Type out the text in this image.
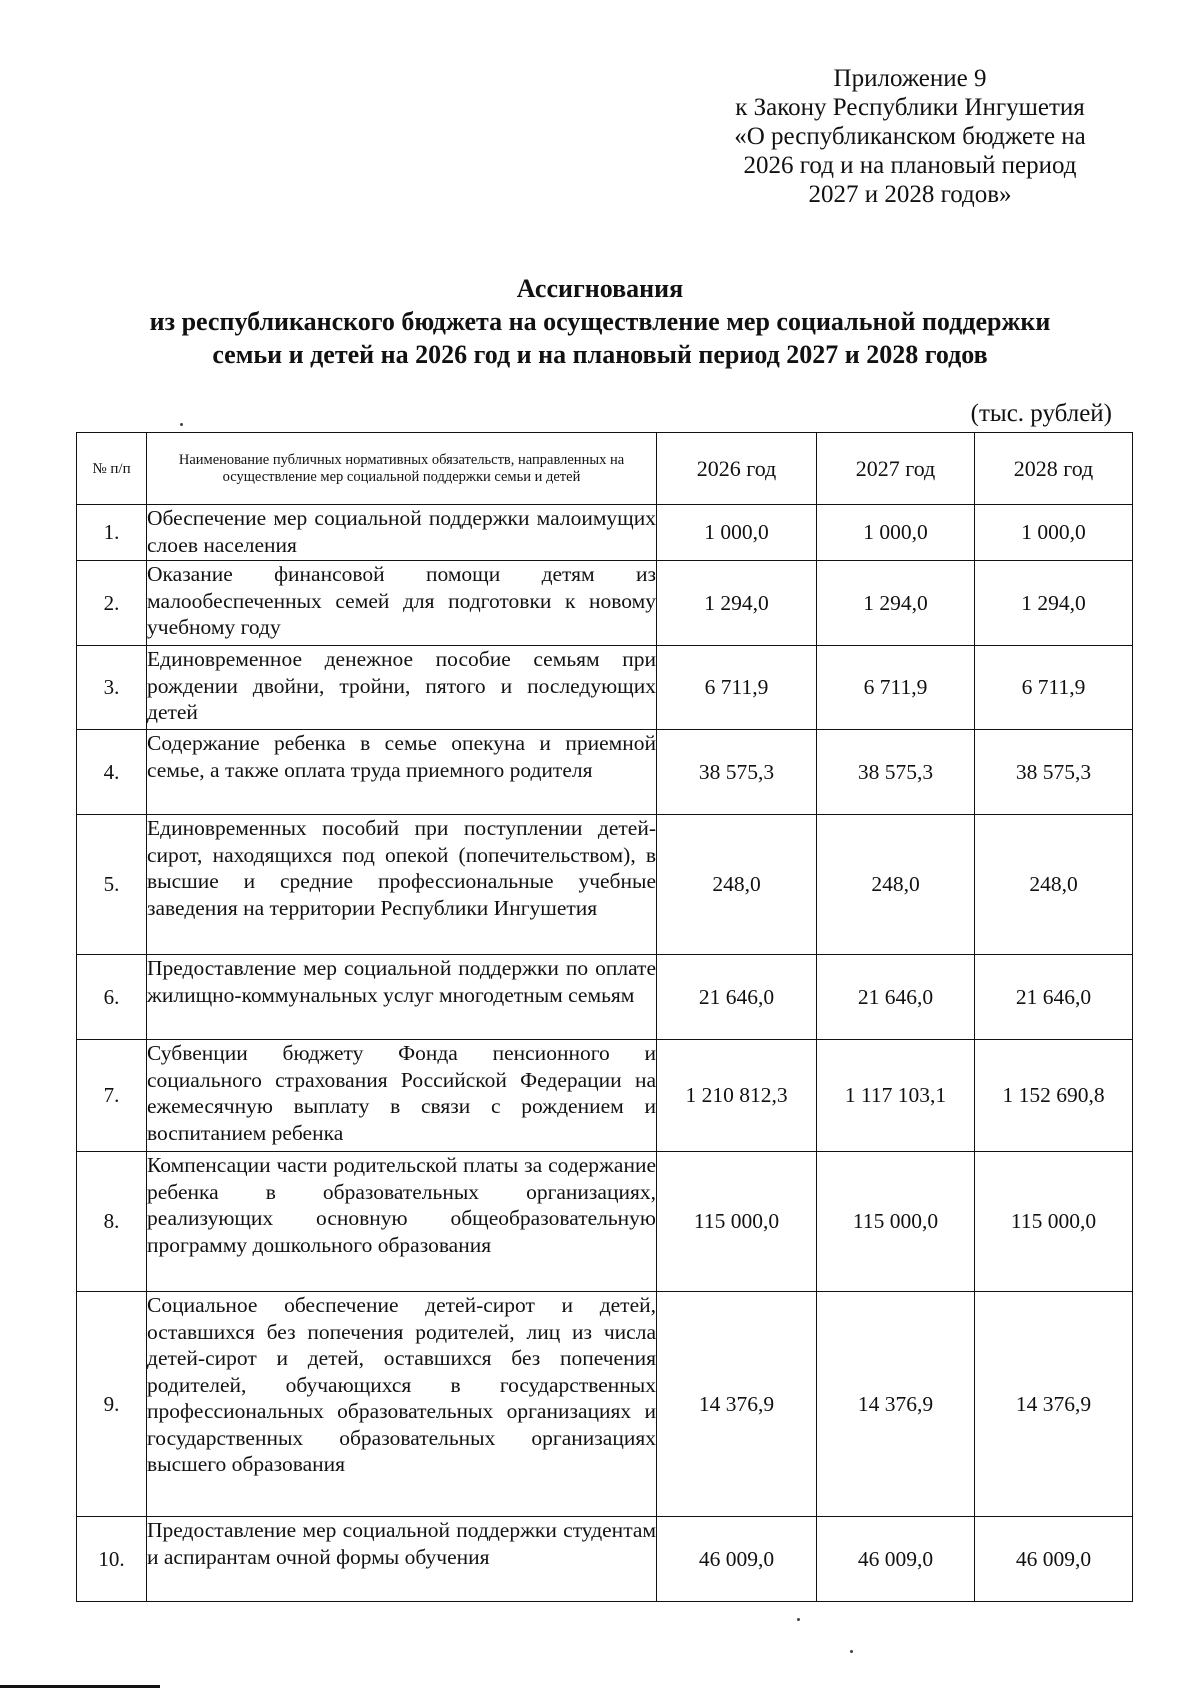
Приложение 9
к Закону Республики Ингушетия
«О республиканском бюджете на
2026 год и на плановый период
2027 и 2028 годов»
Ассигнования
из республиканского бюджета на осуществление мер социальной поддержки
семьи и детей на 2026 год и на плановый период 2027 и 2028 годов
(тыс. рублей)
№ п/п	Наименование публичных нормативных обязательств, направленных на осуществление мер социальной поддержки семьи и детей	2026 год	2027 год	2028 год
1.	Обеспечение мер социальной поддержки малоимущих слоев населения	1 000,0	1 000,0	1 000,0
2.	Оказание финансовой помощи детям из малообеспеченных семей для подготовки к новому учебному году	1 294,0	1 294,0	1 294,0
3.	Единовременное денежное пособие семьям при рождении двойни, тройни, пятого и последующих детей	6 711,9	6 711,9	6 711,9
4.	Содержание ребенка в семье опекуна и приемной семье, а также оплата труда приемного родителя	38 575,3	38 575,3	38 575,3
5.	Единовременных пособий при поступлении детей-сирот, находящихся под опекой (попечительством), в высшие и средние профессиональные учебные заведения на территории Республики Ингушетия	248,0	248,0	248,0
6.	Предоставление мер социальной поддержки по оплате жилищно-коммунальных услуг многодетным семьям	21 646,0	21 646,0	21 646,0
7.	Субвенции бюджету Фонда пенсионного и социального страхования Российской Федерации на ежемесячную выплату в связи с рождением и воспитанием ребенка	1 210 812,3	1 117 103,1	1 152 690,8
8.	Компенсации части родительской платы за содержание ребенка в образовательных организациях, реализующих основную общеобразовательную программу дошкольного образования	115 000,0	115 000,0	115 000,0
9.	Социальное обеспечение детей-сирот и детей, оставшихся без попечения родителей, лиц из числа детей-сирот и детей, оставшихся без попечения родителей, обучающихся в государственных профессиональных образовательных организациях и государственных образовательных организациях высшего образования	14 376,9	14 376,9	14 376,9
10.	Предоставление мер социальной поддержки студентам и аспирантам очной формы обучения	46 009,0	46 009,0	46 009,0
